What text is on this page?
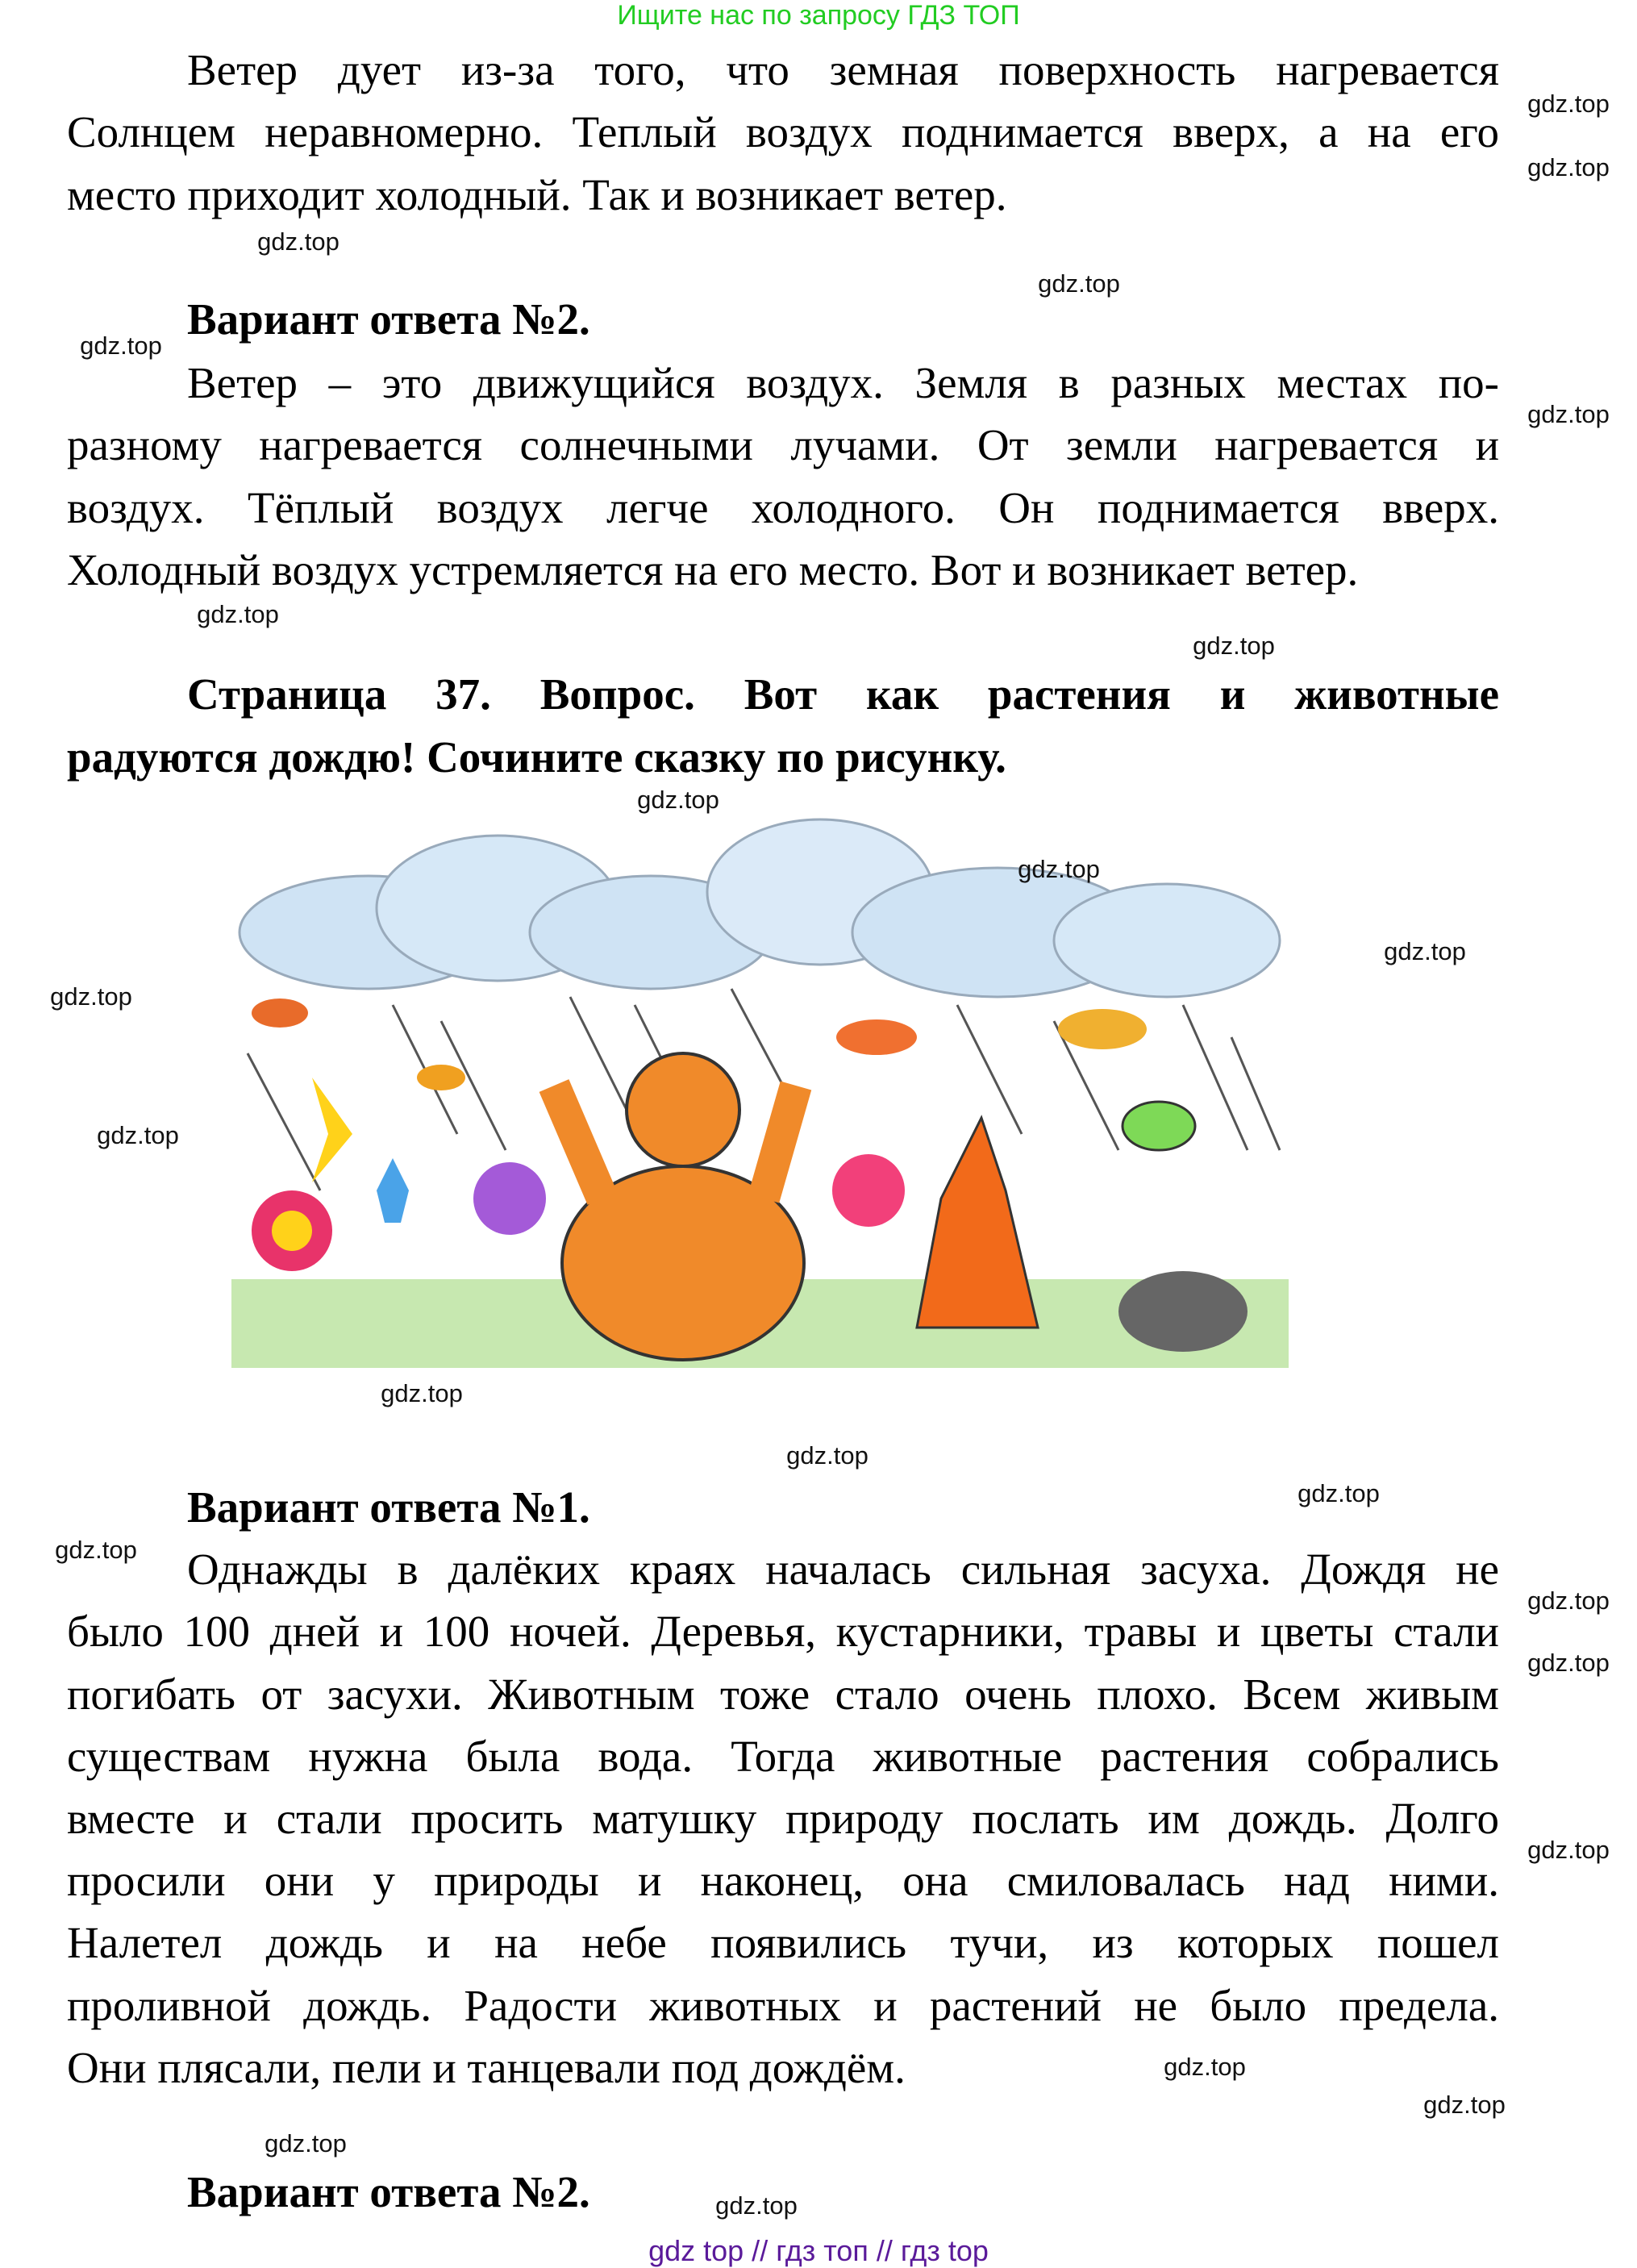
Ищите нас по запросу ГДЗ ТОП
Ветер дует из-за того, что земная поверхность нагревается
Солнцем неравномерно. Теплый воздух поднимается вверх, а на его
место приходит холодный. Так и возникает ветер.
Вариант ответа №2.
Ветер – это движущийся воздух. Земля в разных местах по-
разному нагревается солнечными лучами. От земли нагревается и
воздух. Тёплый воздух легче холодного. Он поднимается вверх.
Холодный воздух устремляется на его место. Вот и возникает ветер.
Страница 37. Вопрос. Вот как растения и животные
радуются дождю! Сочините сказку по рисунку.
Вариант ответа №1.
Однажды в далёких краях началась сильная засуха. Дождя не
было 100 дней и 100 ночей. Деревья, кустарники, травы и цветы стали
погибать от засухи. Животным тоже стало очень плохо. Всем живым
существам нужна была вода. Тогда животные растения собрались
вместе и стали просить матушку природу послать им дождь. Долго
просили они у природы и наконец, она смиловалась над ними.
Налетел дождь и на небе появились тучи, из которых пошел
проливной дождь. Радости животных и растений не было предела.
Они плясали, пели и танцевали под дождём.
Вариант ответа №2.
gdz top // гдз топ // гдз top
gdz.top
gdz.top
gdz.top
gdz.top
gdz.top
gdz.top
gdz.top
gdz.top
gdz.top
gdz.top
gdz.top
gdz.top
gdz.top
gdz.top
gdz.top
gdz.top
gdz.top
gdz.top
gdz.top
gdz.top
gdz.top
gdz.top
gdz.top
gdz.top
